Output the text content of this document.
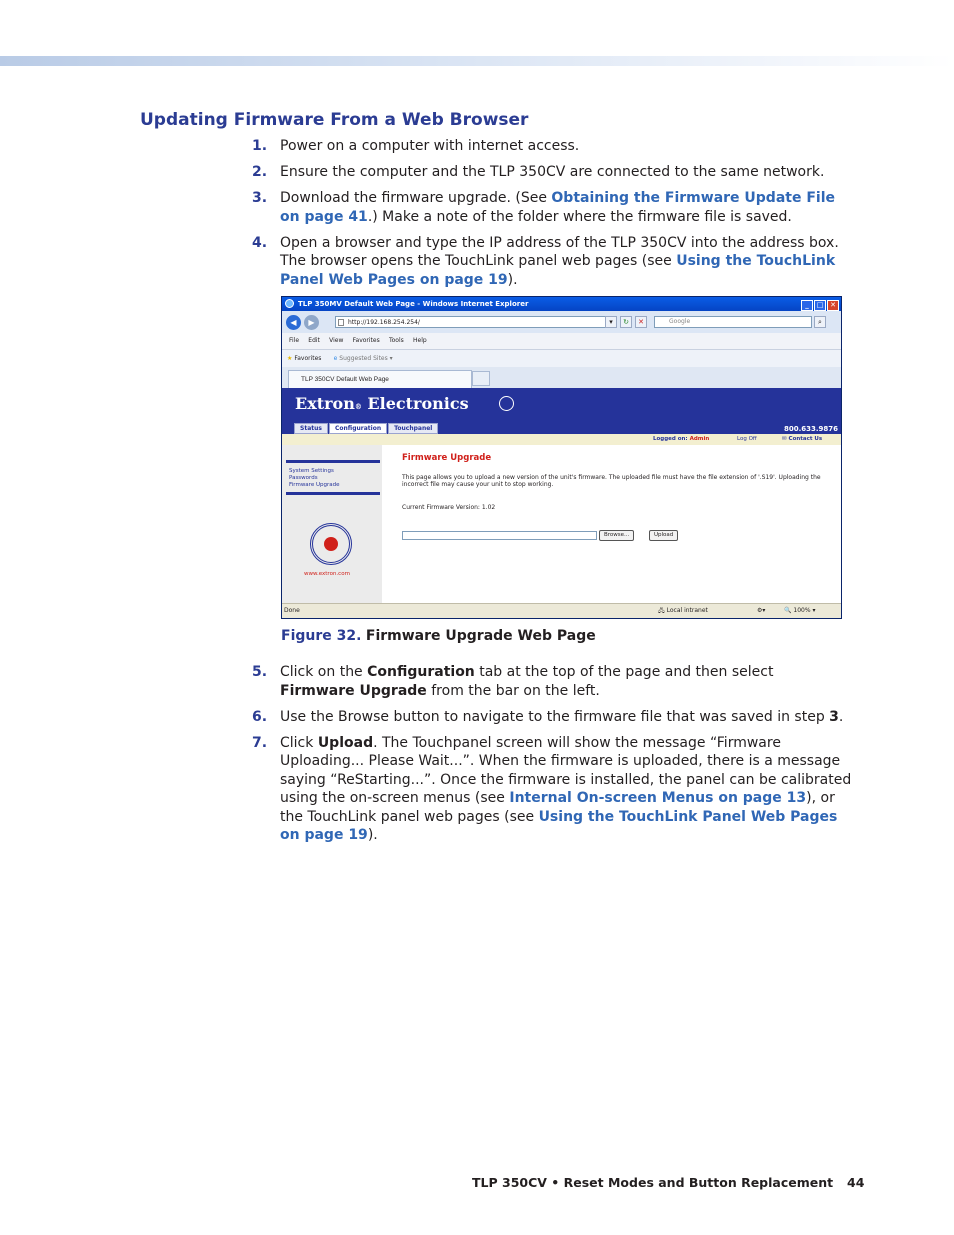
Updating Firmware From a Web Browser
1. Power on a computer with internet access.
2. Ensure the computer and the TLP 350CV are connected to the same network.
3. Download the firmware upgrade. (See Obtaining the Firmware Update File on page 41.) Make a note of the folder where the firmware file is saved.
4. Open a browser and type the IP address of the TLP 350CV into the address box. The browser opens the TouchLink panel web pages (see Using the TouchLink Panel Web Pages on page 19).
TLP 350MV Default Web Page - Windows Internet Explorer	_ □ ✕
◀	▶	http://192.168.254.254/	▾	↻	✕	Google	⌕
File Edit View Favorites Tools Help
★ Favorites e Suggested Sites ▾
TLP 350CV Default Web Page
Extron® Electronics
Status Configuration Touchpanel	800.633.9876
Logged on: Admin	Log Off	✉ Contact Us
System Settings
Passwords
Firmware Upgrade
www.extron.com
Firmware Upgrade
This page allows you to upload a new version of the unit's firmware. The uploaded file must have the file extension of '.S19'. Uploading the incorrect file may cause your unit to stop working.
Current Firmware Version: 1.02
Browse...	Upload
Done	🖧 Local intranet	⚙▾	🔍 100% ▾
Figure 32. Firmware Upgrade Web Page
5. Click on the Configuration tab at the top of the page and then select
Firmware Upgrade from the bar on the left.
6. Use the Browse button to navigate to the firmware file that was saved in step 3.
7. Click Upload. The Touchpanel screen will show the message “Firmware Uploading... Please Wait...”. When the firmware is uploaded, there is a message saying “ReStarting...”. Once the firmware is installed, the panel can be calibrated using the on-screen menus (see Internal On-screen Menus on page 13), or the TouchLink panel web pages (see Using the TouchLink Panel Web Pages on page 19).
TLP 350CV • Reset Modes and Button Replacement 44
